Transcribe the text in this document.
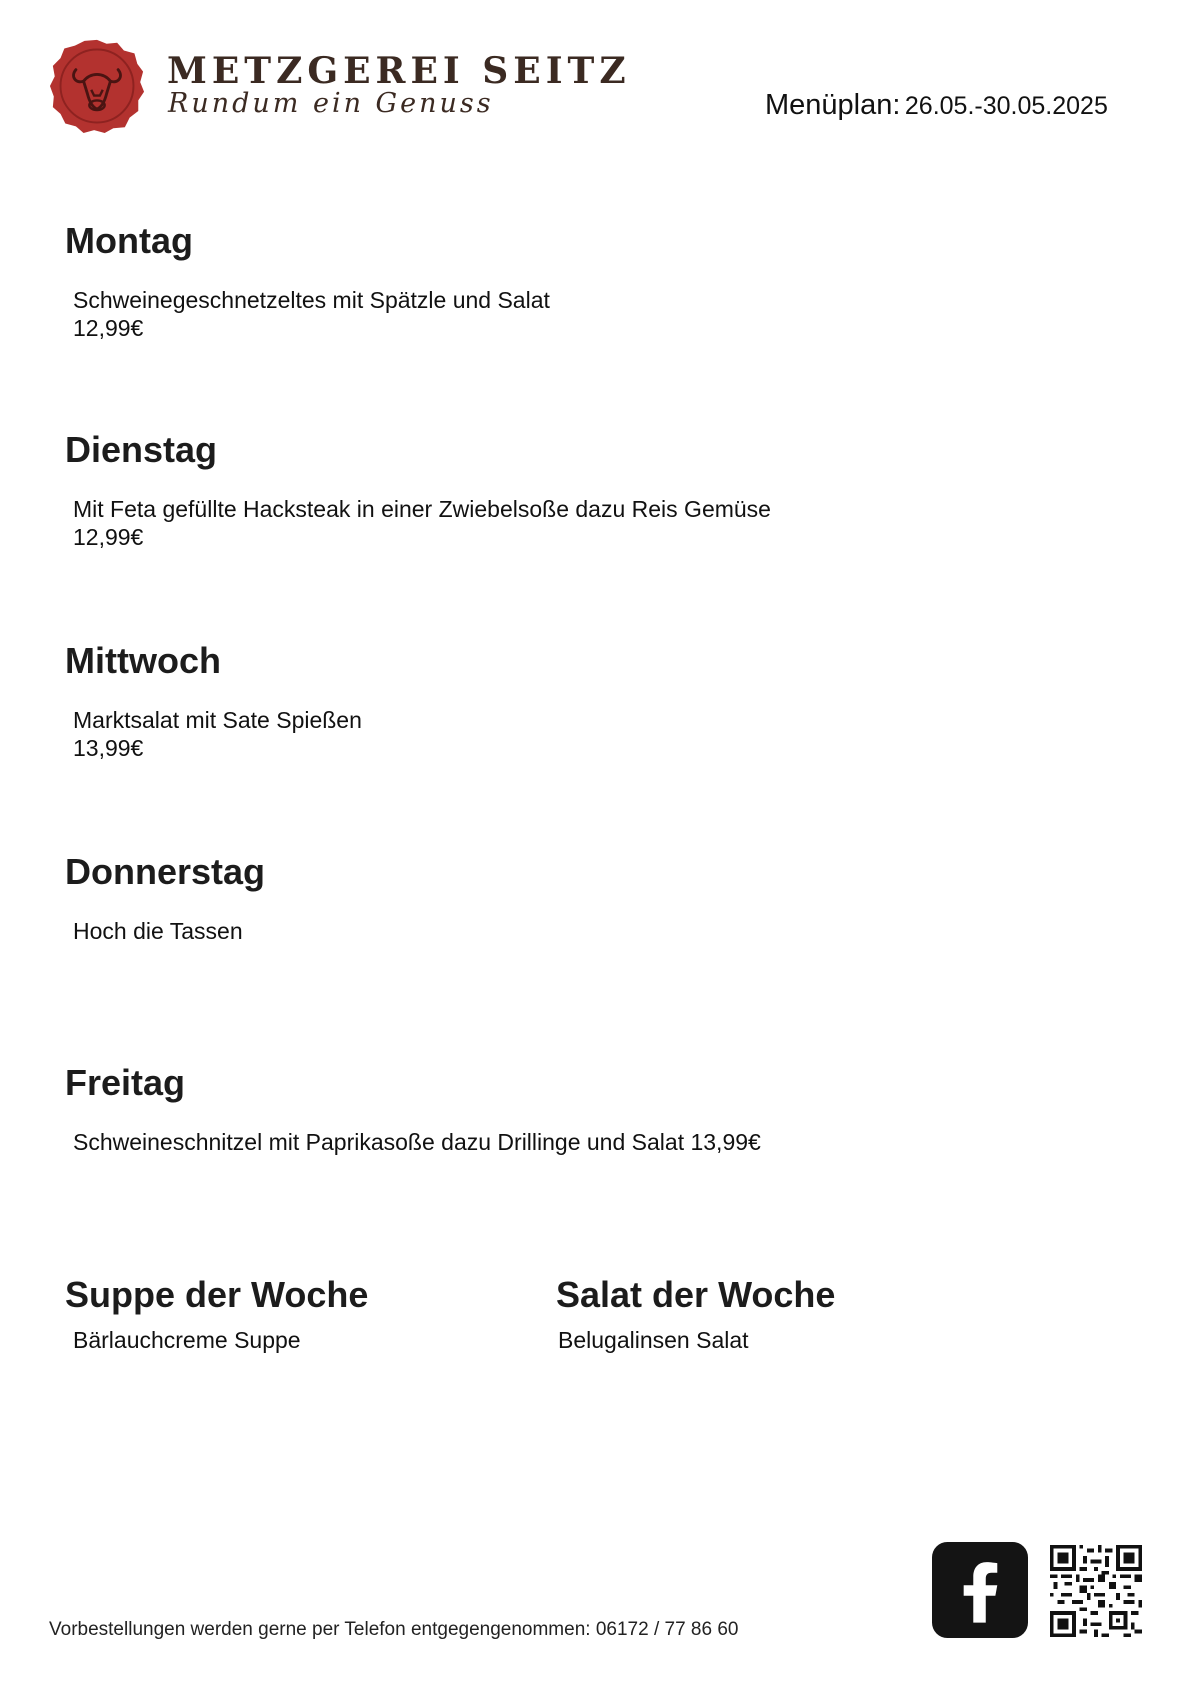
METZGEREI SEITZ
Rundum ein Genuss	Menüplan: 26.05.-30.05.2025
Montag
Schweinegeschnetzeltes mit Spätzle und Salat
12,99€
Dienstag
Mit Feta gefüllte Hacksteak in einer Zwiebelsoße dazu Reis Gemüse
12,99€
Mittwoch
Marktsalat mit Sate Spießen
13,99€
Donnerstag
Hoch die Tassen
Freitag
Schweineschnitzel mit Paprikasoße dazu Drillinge und Salat 13,99€
Suppe der Woche
Bärlauchcreme Suppe
Salat der Woche
Belugalinsen Salat
Vorbestellungen werden gerne per Telefon entgegengenommen: 06172 / 77 86 60
